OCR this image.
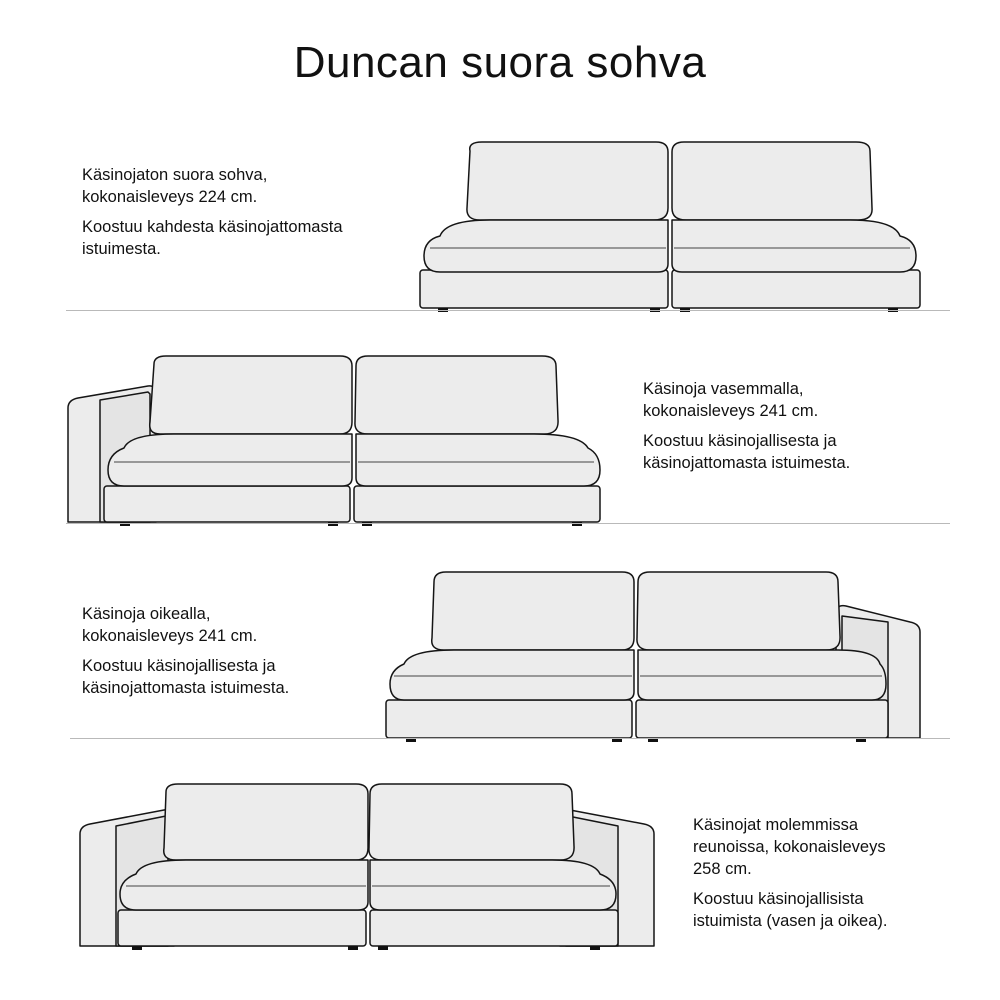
Duncan suora sohva

Käsinojaton suora sohva,
kokonaisleveys 224 cm.

Koostuu kahdesta käsinojattomasta
istuimesta.

Käsinoja vasemmalla,
kokonaisleveys 241 cm.

Koostuu käsinojallisesta ja
käsinojattomasta istuimesta.

Käsinoja oikealla,
kokonaisleveys 241 cm.

Koostuu käsinojallisesta ja
käsinojattomasta istuimesta.

Käsinojat molemmissa
reunoissa, kokonaisleveys
258 cm.

Koostuu käsinojallisista
istuimista (vasen ja oikea).
